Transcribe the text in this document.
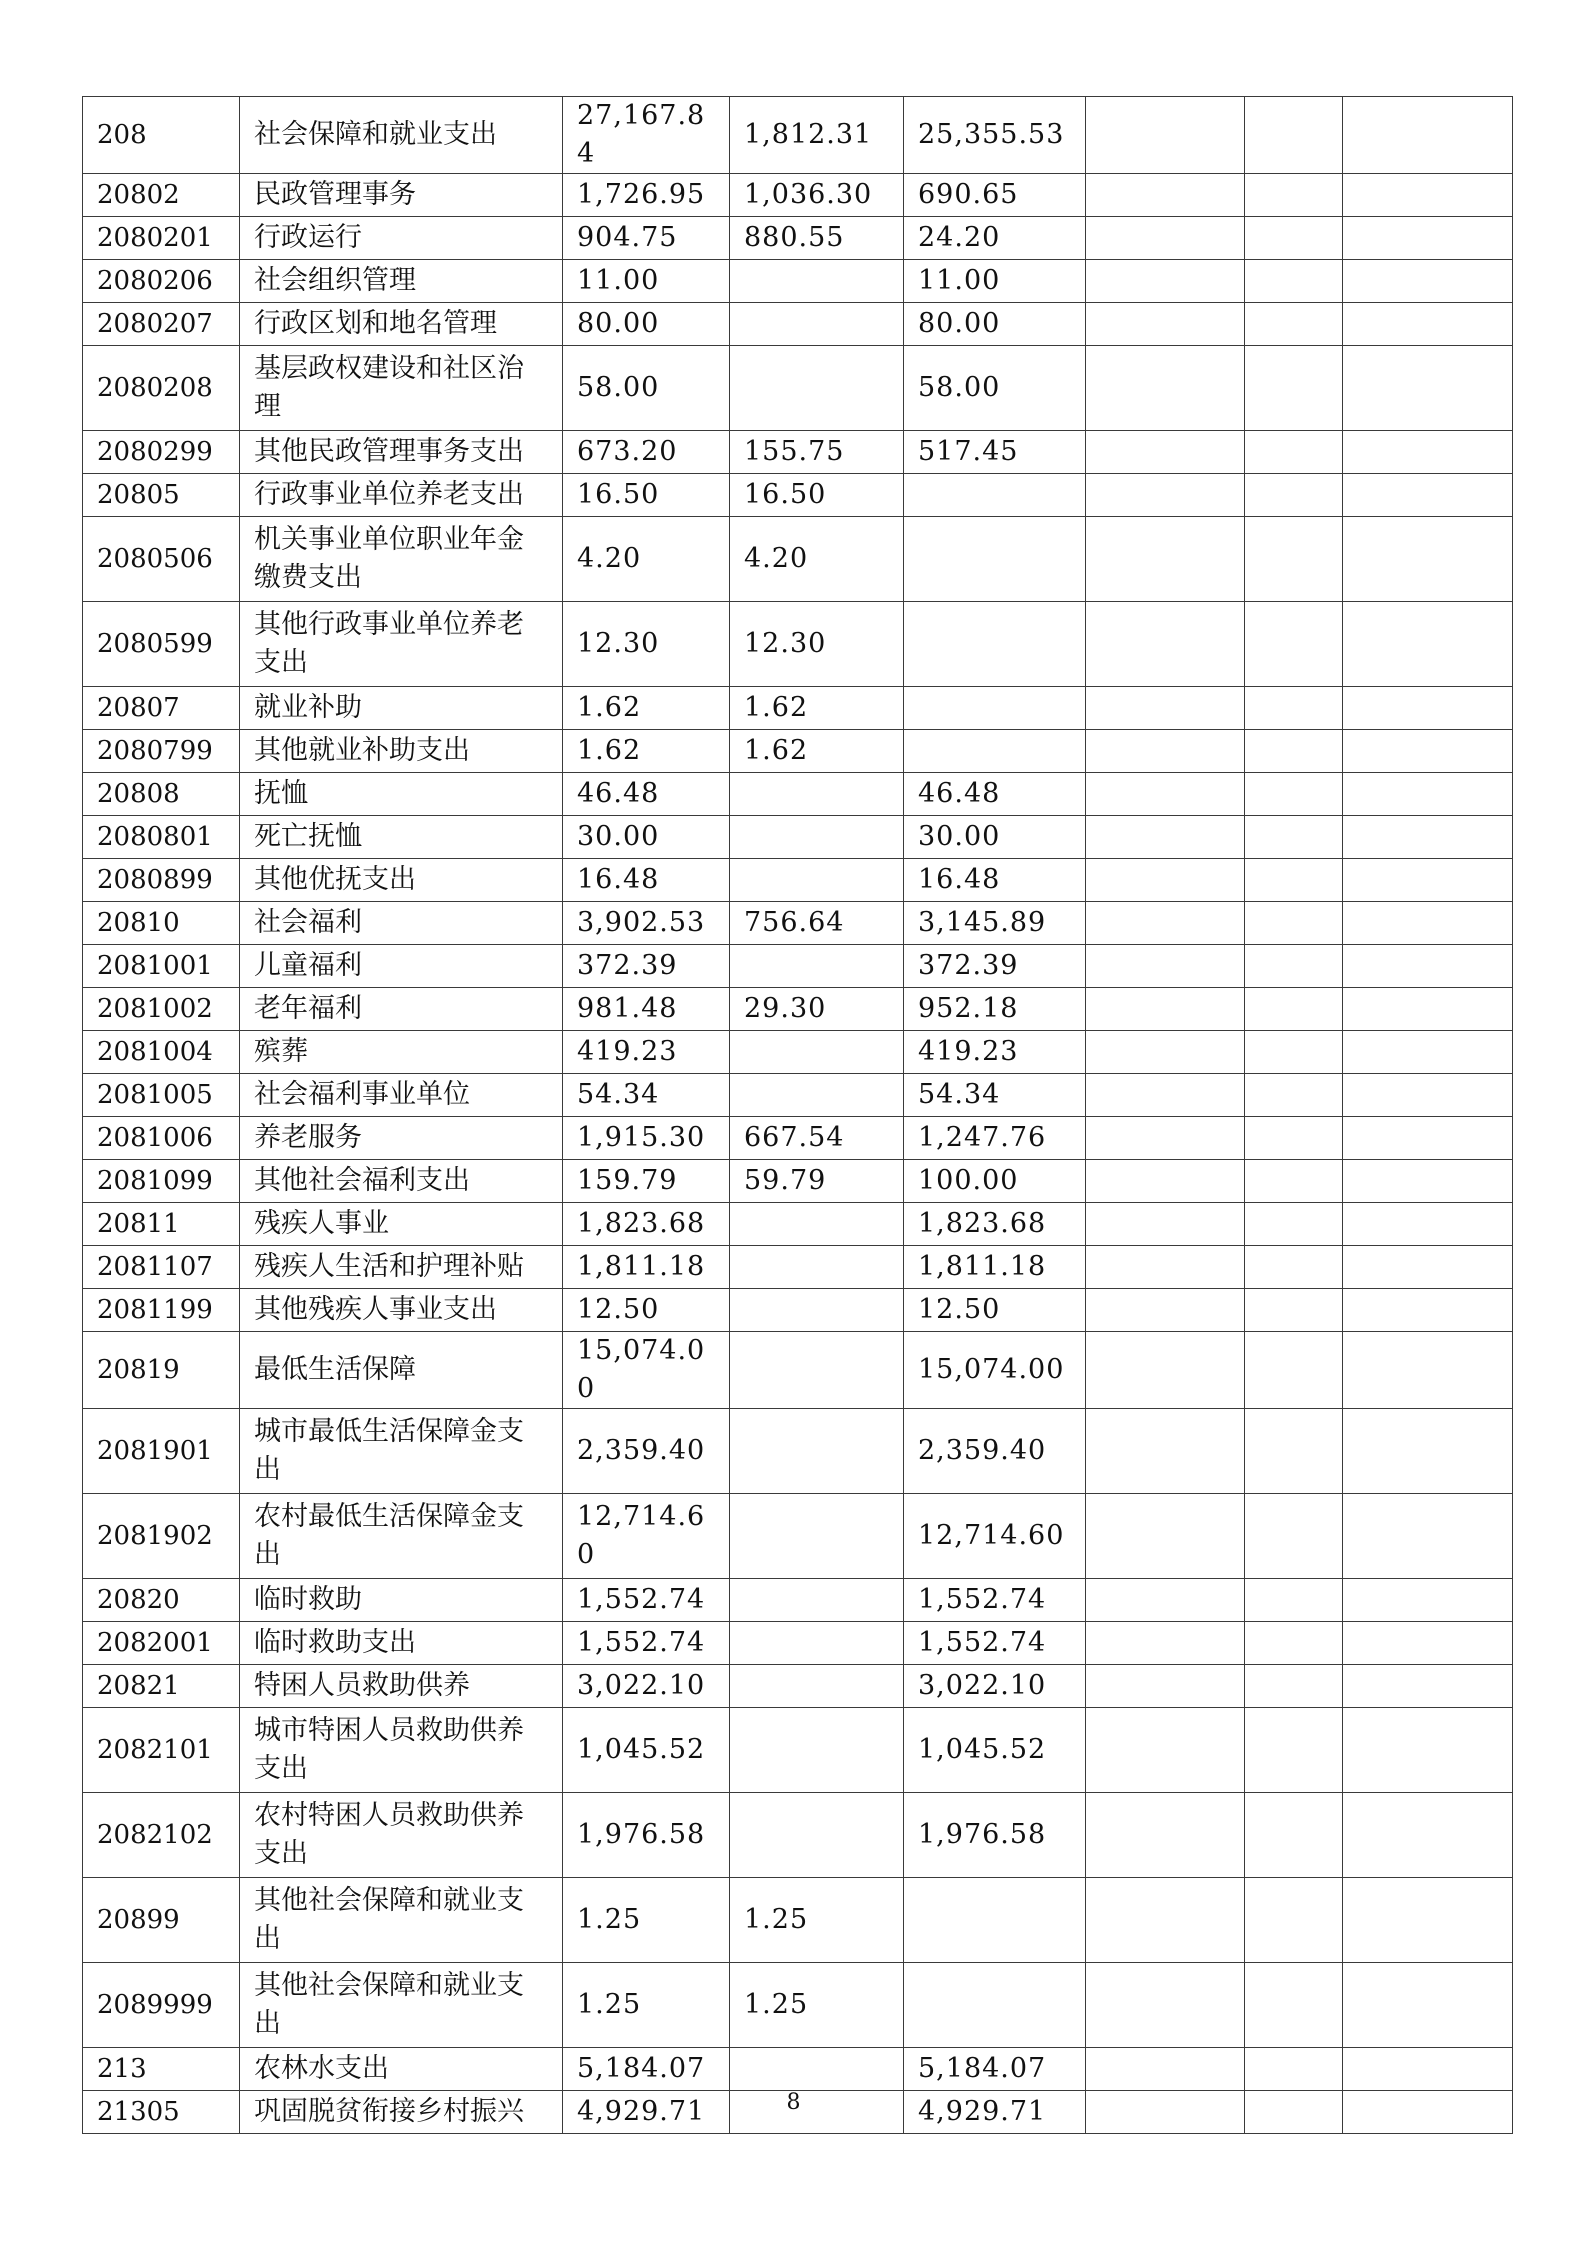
208	社会保障和就业支出	27,167.84	1,812.31	25,355.53			
20802	民政管理事务	1,726.95	1,036.30	690.65			
2080201	行政运行	904.75	880.55	24.20			
2080206	社会组织管理	11.00		11.00			
2080207	行政区划和地名管理	80.00		80.00			
2080208	基层政权建设和社区治理	58.00		58.00			
2080299	其他民政管理事务支出	673.20	155.75	517.45			
20805	行政事业单位养老支出	16.50	16.50				
2080506	机关事业单位职业年金缴费支出	4.20	4.20				
2080599	其他行政事业单位养老支出	12.30	12.30				
20807	就业补助	1.62	1.62				
2080799	其他就业补助支出	1.62	1.62				
20808	抚恤	46.48		46.48			
2080801	死亡抚恤	30.00		30.00			
2080899	其他优抚支出	16.48		16.48			
20810	社会福利	3,902.53	756.64	3,145.89			
2081001	儿童福利	372.39		372.39			
2081002	老年福利	981.48	29.30	952.18			
2081004	殡葬	419.23		419.23			
2081005	社会福利事业单位	54.34		54.34			
2081006	养老服务	1,915.30	667.54	1,247.76			
2081099	其他社会福利支出	159.79	59.79	100.00			
20811	残疾人事业	1,823.68		1,823.68			
2081107	残疾人生活和护理补贴	1,811.18		1,811.18			
2081199	其他残疾人事业支出	12.50		12.50			
20819	最低生活保障	15,074.00		15,074.00			
2081901	城市最低生活保障金支出	2,359.40		2,359.40			
2081902	农村最低生活保障金支出	12,714.60		12,714.60			
20820	临时救助	1,552.74		1,552.74			
2082001	临时救助支出	1,552.74		1,552.74			
20821	特困人员救助供养	3,022.10		3,022.10			
2082101	城市特困人员救助供养支出	1,045.52		1,045.52			
2082102	农村特困人员救助供养支出	1,976.58		1,976.58			
20899	其他社会保障和就业支出	1.25	1.25				
2089999	其他社会保障和就业支出	1.25	1.25				
213	农林水支出	5,184.07		5,184.07			
21305	巩固脱贫衔接乡村振兴	4,929.71		4,929.71			
8
